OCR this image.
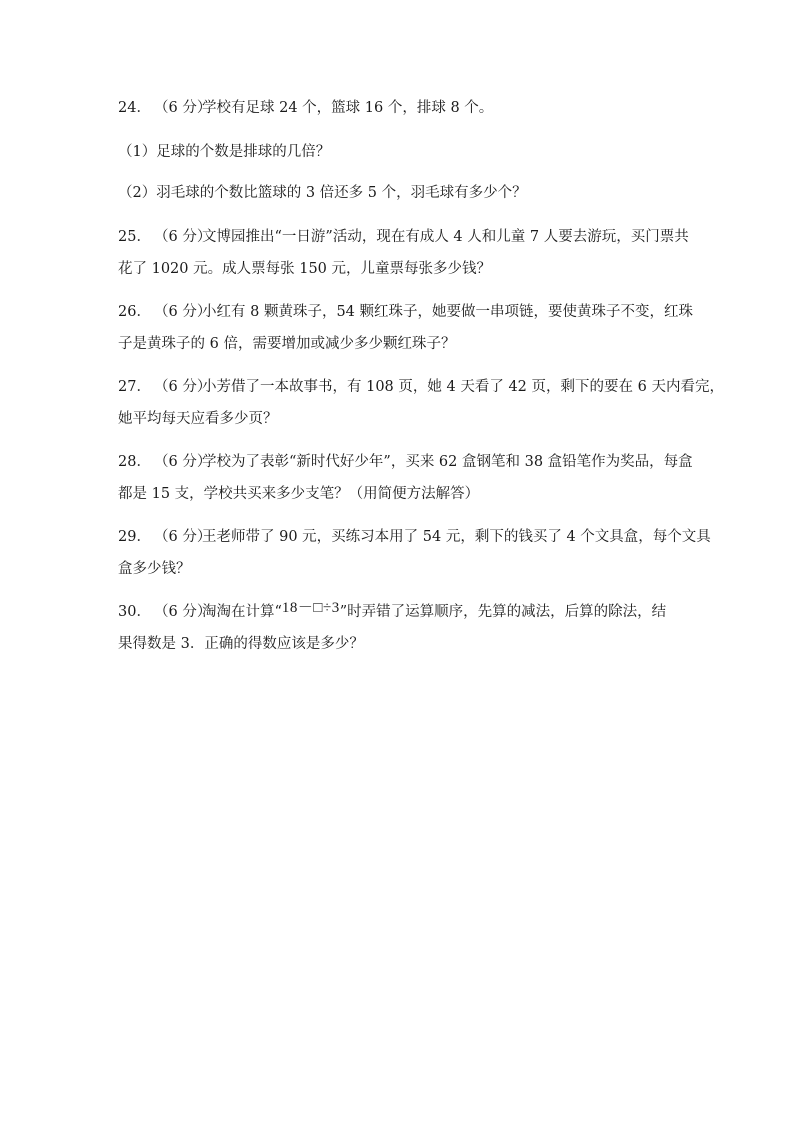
24． （6 分）
学校有足球 24 个，篮球 16 个，排球 8 个。
（1）足球的个数是排球的几倍？
（2）羽毛球的个数比篮球的 3 倍还多 5 个，羽毛球有多少个？
25． （6 分）
文博园推出“一日游”活动，现在有成人 4 人和儿童 7 人要去游玩，买门票共
花了 1020 元。成人票每张 150 元，儿童票每张多少钱？
26． （6 分）
小红有 8 颗黄珠子，54 颗红珠子，她要做一串项链，要使黄珠子不变，红珠
子是黄珠子的 6 倍，需要增加或减少多少颗红珠子？
27． （6 分）
小芳借了一本故事书，有 108 页，她 4 天看了 42 页，剩下的要在 6 天内看完，
她平均每天应看多少页？
28． （6 分）
学校为了表彰“新时代好少年”，买来 62 盒钢笔和 38 盒铅笔作为奖品，每盒
都是 15 支，学校共买来多少支笔？（用简便方法解答）
29． （6 分）
王老师带了 90 元，买练习本用了 54 元，剩下的钱买了 4 个文具盒，每个文具
盒多少钱？
30． （6 分）
淘淘在计算“18－□÷3”时弄错了运算顺序，先算的减法，后算的除法，结
果得数是 3．正确的得数应该是多少？
